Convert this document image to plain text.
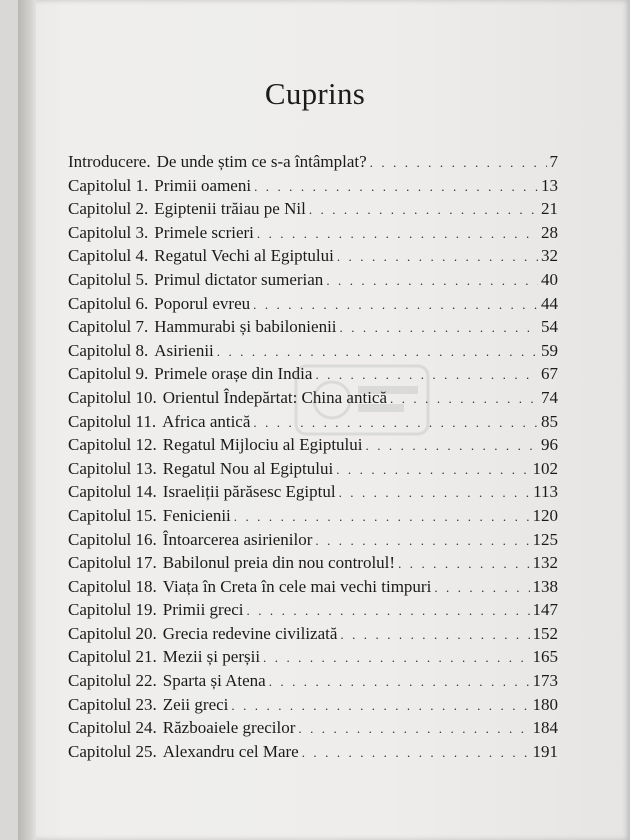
Cuprins
Introducere. De unde știm ce s-a întâmplat? . . .	7
Capitolul 1. Primii oameni . . .	13
Capitolul 2. Egiptenii trăiau pe Nil . . .	21
Capitolul 3. Primele scrieri . . .	28
Capitolul 4. Regatul Vechi al Egiptului . . .	32
Capitolul 5. Primul dictator sumerian . . .	40
Capitolul 6. Poporul evreu . . .	44
Capitolul 7. Hammurabi și babilonienii . . .	54
Capitolul 8. Asirienii . . .	59
Capitolul 9. Primele orașe din India . . .	67
Capitolul 10. Orientul Îndepărtat: China antică . . .	74
Capitolul 11. Africa antică . . .	85
Capitolul 12. Regatul Mijlociu al Egiptului . . .	96
Capitolul 13. Regatul Nou al Egiptului . . .	102
Capitolul 14. Israeliții părăsesc Egiptul . . .	113
Capitolul 15. Fenicienii . . .	120
Capitolul 16. Întoarcerea asirienilor . . .	125
Capitolul 17. Babilonul preia din nou controlul! . . .	132
Capitolul 18. Viața în Creta în cele mai vechi timpuri . . .	138
Capitolul 19. Primii greci . . .	147
Capitolul 20. Grecia redevine civilizată . . .	152
Capitolul 21. Mezii și perșii . . .	165
Capitolul 22. Sparta și Atena . . .	173
Capitolul 23. Zeii greci . . .	180
Capitolul 24. Războaiele grecilor . . .	184
Capitolul 25. Alexandru cel Mare . . .	191
